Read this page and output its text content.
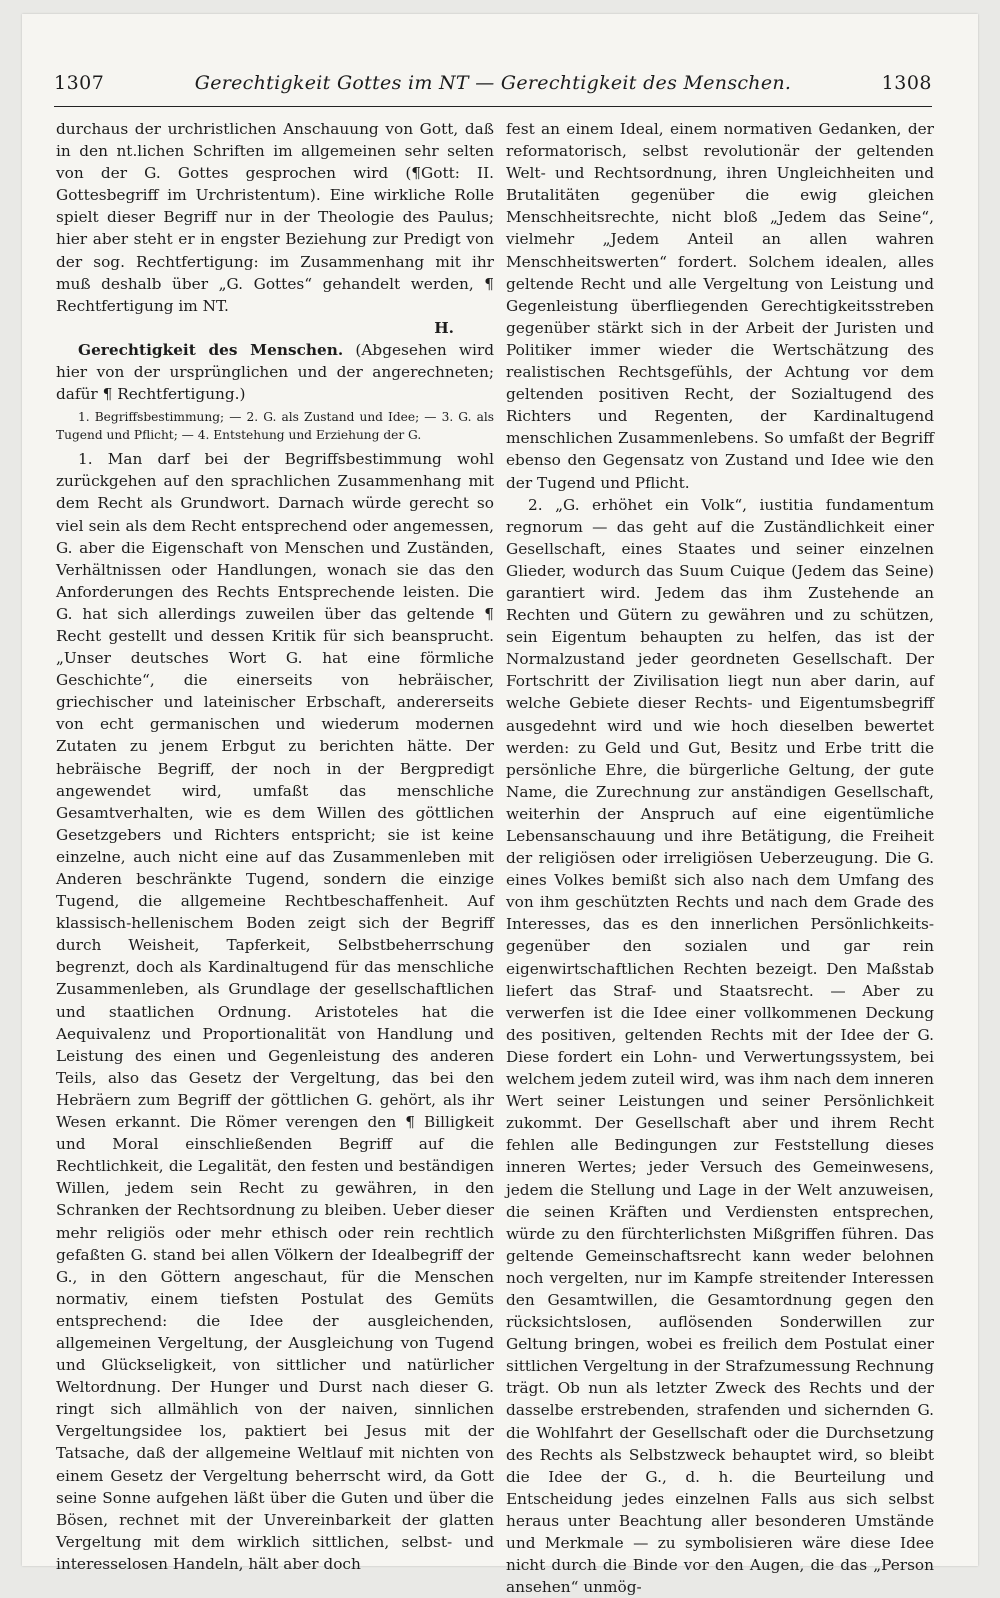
1307	Gerechtigkeit Gottes im NT — Gerechtigkeit des Menschen.	1308

durchaus der urchristlichen Anschauung von Gott, daß in den nt.lichen Schriften im allgemeinen sehr selten von der G. Gottes gesprochen wird (¶Gott: II. Gottesbegriff im Urchristentum). Eine wirkliche Rolle spielt dieser Begriff nur in der Theologie des Paulus; hier aber steht er in engster Beziehung zur Predigt von der sog. Rechtfertigung: im Zusammenhang mit ihr muß deshalb über „G. Gottes“ gehandelt werden, ¶ Rechtfertigung im NT.

H.

Gerechtigkeit des Menschen. (Abgesehen wird hier von der ursprünglichen und der angerechneten; dafür ¶ Rechtfertigung.)

1. Begriffsbestimmung; — 2. G. als Zustand und Idee; — 3. G. als Tugend und Pflicht; — 4. Entstehung und Erziehung der G.

1. Man darf bei der Begriffsbestimmung wohl zurückgehen auf den sprachlichen Zusammenhang mit dem Recht als Grundwort. Darnach würde gerecht so viel sein als dem Recht entsprechend oder angemessen, G. aber die Eigenschaft von Menschen und Zuständen, Verhältnissen oder Handlungen, wonach sie das den Anforderungen des Rechts Entsprechende leisten. Die G. hat sich allerdings zuweilen über das geltende ¶ Recht gestellt und dessen Kritik für sich beansprucht. „Unser deutsches Wort G. hat eine förmliche Geschichte“, die einerseits von hebräischer, griechischer und lateinischer Erbschaft, andererseits von echt germanischen und wiederum modernen Zutaten zu jenem Erbgut zu berichten hätte. Der hebräische Begriff, der noch in der Bergpredigt angewendet wird, umfaßt das menschliche Gesamtverhalten, wie es dem Willen des göttlichen Gesetzgebers und Richters entspricht; sie ist keine einzelne, auch nicht eine auf das Zusammenleben mit Anderen beschränkte Tugend, sondern die einzige Tugend, die allgemeine Rechtbeschaffenheit. Auf klassisch-hellenischem Boden zeigt sich der Begriff durch Weisheit, Tapferkeit, Selbstbeherrschung begrenzt, doch als Kardinaltugend für das menschliche Zusammenleben, als Grundlage der gesellschaftlichen und staatlichen Ordnung. Aristoteles hat die Aequivalenz und Proportionalität von Handlung und Leistung des einen und Gegenleistung des anderen Teils, also das Gesetz der Vergeltung, das bei den Hebräern zum Begriff der göttlichen G. gehört, als ihr Wesen erkannt. Die Römer verengen den ¶ Billigkeit und Moral einschließenden Begriff auf die Rechtlichkeit, die Legalität, den festen und beständigen Willen, jedem sein Recht zu gewähren, in den Schranken der Rechtsordnung zu bleiben. Ueber dieser mehr religiös oder mehr ethisch oder rein rechtlich gefaßten G. stand bei allen Völkern der Idealbegriff der G., in den Göttern angeschaut, für die Menschen normativ, einem tiefsten Postulat des Gemüts entsprechend: die Idee der ausgleichenden, allgemeinen Vergeltung, der Ausgleichung von Tugend und Glückseligkeit, von sittlicher und natürlicher Weltordnung. Der Hunger und Durst nach dieser G. ringt sich allmählich von der naiven, sinnlichen Vergeltungsidee los, paktiert bei Jesus mit der Tatsache, daß der allgemeine Weltlauf mit nichten von einem Gesetz der Vergeltung beherrscht wird, da Gott seine Sonne aufgehen läßt über die Guten und über die Bösen, rechnet mit der Unvereinbarkeit der glatten Vergeltung mit dem wirklich sittlichen, selbst- und interesselosen Handeln, hält aber doch

fest an einem Ideal, einem normativen Gedanken, der reformatorisch, selbst revolutionär der geltenden Welt- und Rechtsordnung, ihren Ungleichheiten und Brutalitäten gegenüber die ewig gleichen Menschheitsrechte, nicht bloß „Jedem das Seine“, vielmehr „Jedem Anteil an allen wahren Menschheitswerten“ fordert. Solchem idealen, alles geltende Recht und alle Vergeltung von Leistung und Gegenleistung überfliegenden Gerechtigkeitsstreben gegenüber stärkt sich in der Arbeit der Juristen und Politiker immer wieder die Wertschätzung des realistischen Rechtsgefühls, der Achtung vor dem geltenden positiven Recht, der Sozialtugend des Richters und Regenten, der Kardinaltugend menschlichen Zusammenlebens. So umfaßt der Begriff ebenso den Gegensatz von Zustand und Idee wie den der Tugend und Pflicht.

2. „G. erhöhet ein Volk“, iustitia fundamentum regnorum — das geht auf die Zuständlichkeit einer Gesellschaft, eines Staates und seiner einzelnen Glieder, wodurch das Suum Cuique (Jedem das Seine) garantiert wird. Jedem das ihm Zustehende an Rechten und Gütern zu gewähren und zu schützen, sein Eigentum behaupten zu helfen, das ist der Normalzustand jeder geordneten Gesellschaft. Der Fortschritt der Zivilisation liegt nun aber darin, auf welche Gebiete dieser Rechts- und Eigentumsbegriff ausgedehnt wird und wie hoch dieselben bewertet werden: zu Geld und Gut, Besitz und Erbe tritt die persönliche Ehre, die bürgerliche Geltung, der gute Name, die Zurechnung zur anständigen Gesellschaft, weiterhin der Anspruch auf eine eigentümliche Lebensanschauung und ihre Betätigung, die Freiheit der religiösen oder irreligiösen Ueberzeugung. Die G. eines Volkes bemißt sich also nach dem Umfang des von ihm geschützten Rechts und nach dem Grade des Interesses, das es den innerlichen Persönlichkeits- gegenüber den sozialen und gar rein eigenwirtschaftlichen Rechten bezeigt. Den Maßstab liefert das Straf- und Staatsrecht. — Aber zu verwerfen ist die Idee einer vollkommenen Deckung des positiven, geltenden Rechts mit der Idee der G. Diese fordert ein Lohn- und Verwertungssystem, bei welchem jedem zuteil wird, was ihm nach dem inneren Wert seiner Leistungen und seiner Persönlichkeit zukommt. Der Gesellschaft aber und ihrem Recht fehlen alle Bedingungen zur Feststellung dieses inneren Wertes; jeder Versuch des Gemeinwesens, jedem die Stellung und Lage in der Welt anzuweisen, die seinen Kräften und Verdiensten entsprechen, würde zu den fürchterlichsten Mißgriffen führen. Das geltende Gemeinschaftsrecht kann weder belohnen noch vergelten, nur im Kampfe streitender Interessen den Gesamtwillen, die Gesamtordnung gegen den rücksichtslosen, auflösenden Sonderwillen zur Geltung bringen, wobei es freilich dem Postulat einer sittlichen Vergeltung in der Strafzumessung Rechnung trägt. Ob nun als letzter Zweck des Rechts und der dasselbe erstrebenden, strafenden und sichernden G. die Wohlfahrt der Gesellschaft oder die Durchsetzung des Rechts als Selbstzweck behauptet wird, so bleibt die Idee der G., d. h. die Beurteilung und Entscheidung jedes einzelnen Falls aus sich selbst heraus unter Beachtung aller besonderen Umstände und Merkmale — zu symbolisieren wäre diese Idee nicht durch die Binde vor den Augen, die das „Person ansehen“ unmög-
